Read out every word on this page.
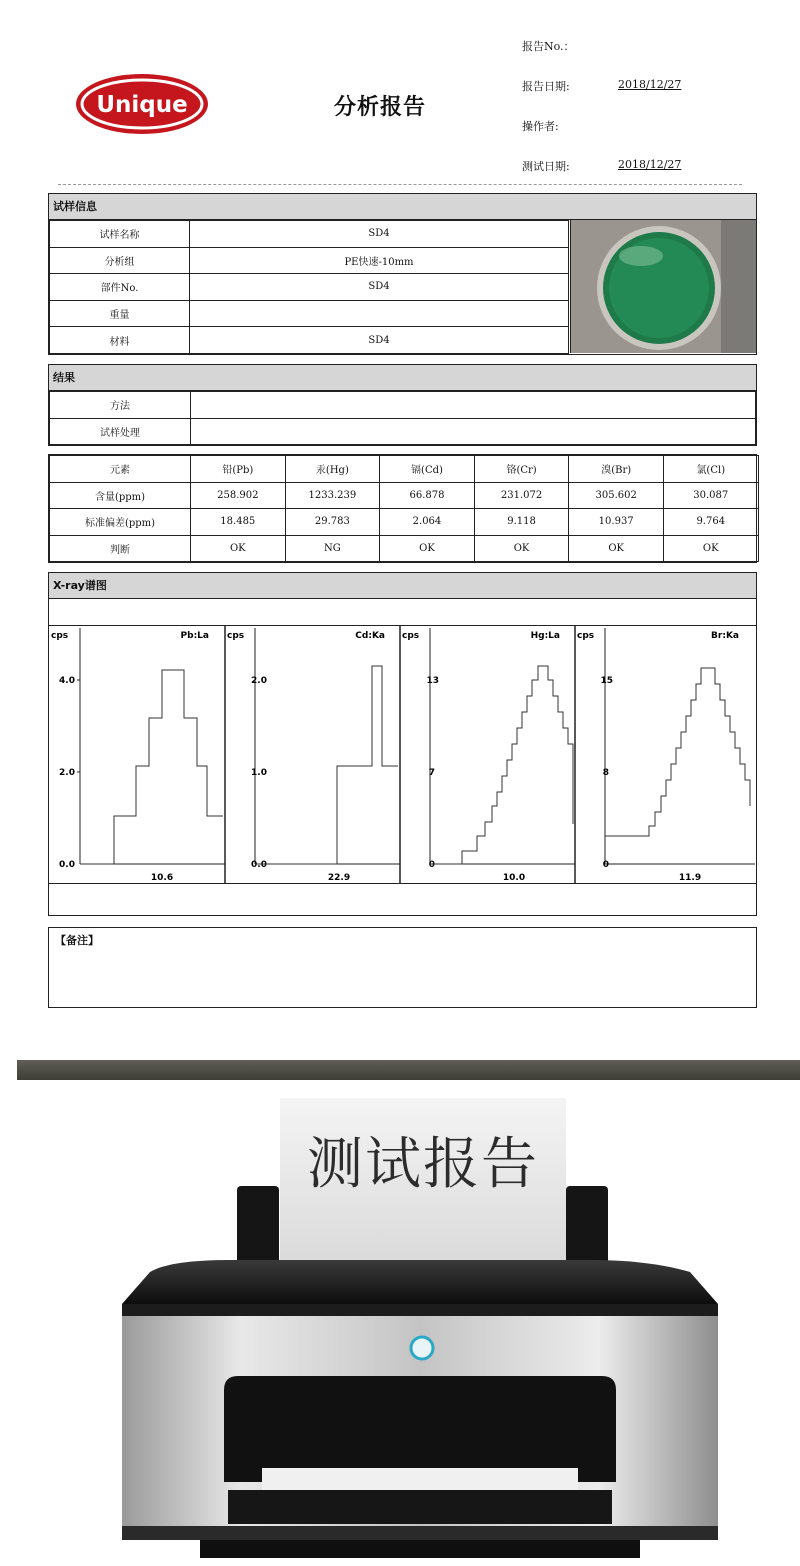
Unique	分析报告
报告No.：
报告日期:	2018/12/27
操作者:
测试日期:	2018/12/27
试样信息
试样名称	SD4
分析组	PE快速-10mm
部件No.	SD4
重量	
材料	SD4
结果
方法	
试样处理	
元素	铅(Pb)	汞(Hg)	镉(Cd)	铬(Cr)	溴(Br)	氯(Cl)
含量(ppm)	258.902	1233.239	66.878	231.072	305.602	30.087
标准偏差(ppm)	18.485	29.783	2.064	9.118	10.937	9.764
判断	OK	NG	OK	OK	OK	OK
X-ray谱图
cps	Pb:La
4.0
2.0
0.0
10.6
cps	Cd:Ka
2.0
1.0
0.0
22.9
cps	Hg:La
13
7
0
10.0
cps	Br:Ka
15
8
0
11.9
【备注】
测试报告
